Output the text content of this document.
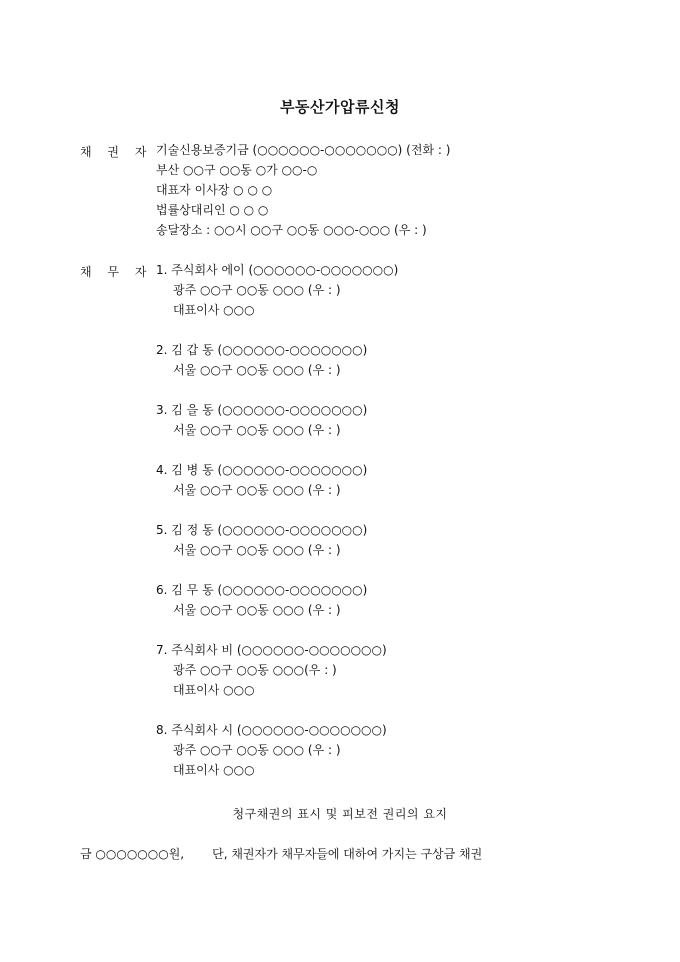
부동산가압류신청
채 권 자 기술신용보증기금 (○○○○○○-○○○○○○○) (전화 : )
부산 ○○구 ○○동 ○가 ○○-○
대표자 이사장 ○ ○ ○
법률상대리인 ○ ○ ○
송달장소 : ○○시 ○○구 ○○동 ○○○-○○○ (우 : )
채 무 자 1. 주식회사 에이 (○○○○○○-○○○○○○○)
광주 ○○구 ○○동 ○○○ (우 : )
대표이사 ○○○
2. 김 갑 동 (○○○○○○-○○○○○○○)
서울 ○○구 ○○동 ○○○ (우 : )
3. 김 을 동 (○○○○○○-○○○○○○○)
서울 ○○구 ○○동 ○○○ (우 : )
4. 김 병 동 (○○○○○○-○○○○○○○)
서울 ○○구 ○○동 ○○○ (우 : )
5. 김 정 동 (○○○○○○-○○○○○○○)
서울 ○○구 ○○동 ○○○ (우 : )
6. 김 무 동 (○○○○○○-○○○○○○○)
서울 ○○구 ○○동 ○○○ (우 : )
7. 주식회사 비 (○○○○○○-○○○○○○○)
광주 ○○구 ○○동 ○○○(우 : )
대표이사 ○○○
8. 주식회사 시 (○○○○○○-○○○○○○○)
광주 ○○구 ○○동 ○○○ (우 : )
대표이사 ○○○
청구채권의 표시 및 피보전 권리의 요지
금 ○○○○○○○원, 단, 채권자가 채무자들에 대하여 가지는 구상금 채권
